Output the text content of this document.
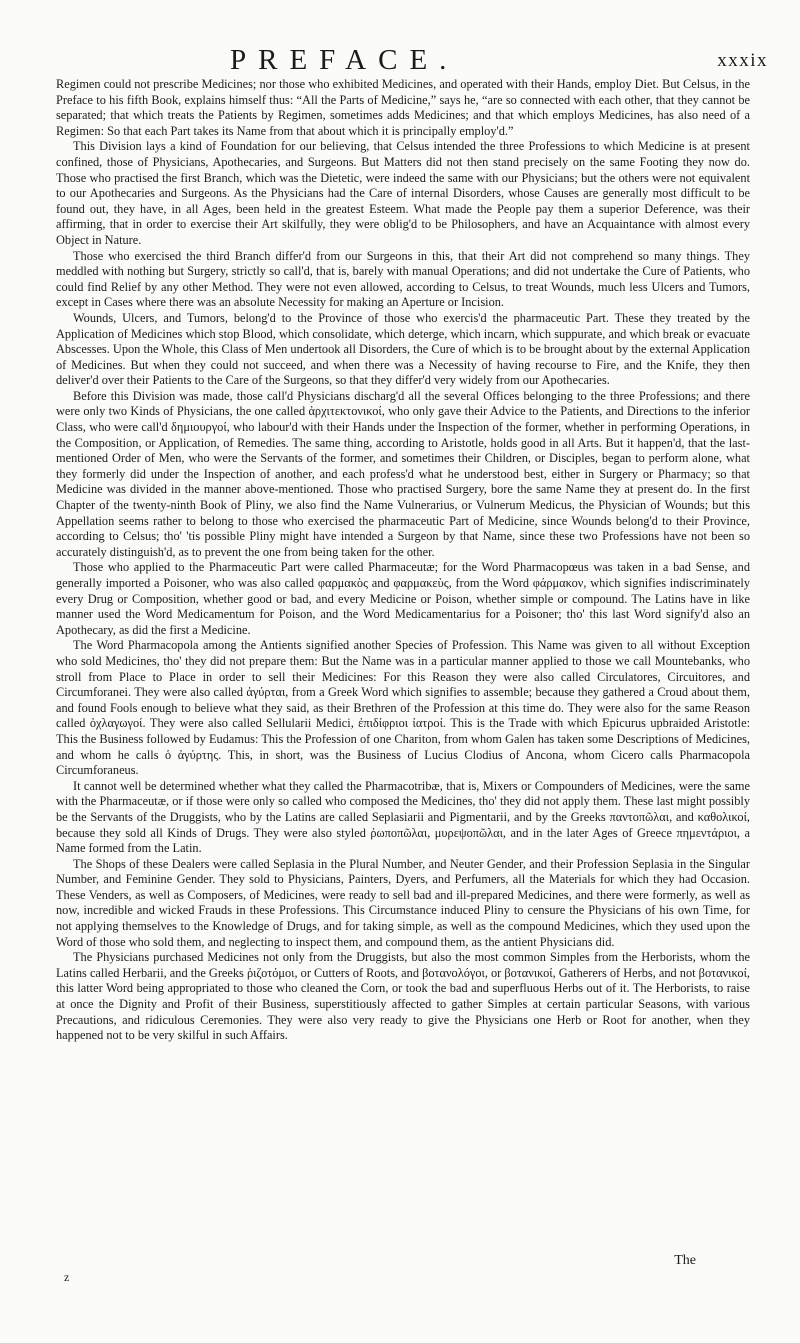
PREFACE.	xxxix

Regimen could not prescribe Medicines; nor those who exhibited Medicines, and operated with their Hands, employ Diet. But Celsus, in the Preface to his fifth Book, explains himself thus: “All the Parts of Medicine,” says he, “are so connected with each other, that they cannot be separated; that which treats the Patients by Regimen, sometimes adds Medicines; and that which employs Medicines, has also need of a Regimen: So that each Part takes its Name from that about which it is principally employ'd.”

This Division lays a kind of Foundation for our believing, that Celsus intended the three Professions to which Medicine is at present confined, those of Physicians, Apothecaries, and Surgeons. But Matters did not then stand precisely on the same Footing they now do. Those who practised the first Branch, which was the Dietetic, were indeed the same with our Physicians; but the others were not equivalent to our Apothecaries and Surgeons. As the Physicians had the Care of internal Disorders, whose Causes are generally most difficult to be found out, they have, in all Ages, been held in the greatest Esteem. What made the People pay them a superior Deference, was their affirming, that in order to exercise their Art skilfully, they were oblig'd to be Philosophers, and have an Acquaintance with almost every Object in Nature.

Those who exercised the third Branch differ'd from our Surgeons in this, that their Art did not comprehend so many things. They meddled with nothing but Surgery, strictly so call'd, that is, barely with manual Operations; and did not undertake the Cure of Patients, who could find Relief by any other Method. They were not even allowed, according to Celsus, to treat Wounds, much less Ulcers and Tumors, except in Cases where there was an absolute Necessity for making an Aperture or Incision.

Wounds, Ulcers, and Tumors, belong'd to the Province of those who exercis'd the pharmaceutic Part. These they treated by the Application of Medicines which stop Blood, which consolidate, which deterge, which incarn, which suppurate, and which break or evacuate Abscesses. Upon the Whole, this Class of Men undertook all Disorders, the Cure of which is to be brought about by the external Application of Medicines. But when they could not succeed, and when there was a Necessity of having recourse to Fire, and the Knife, they then deliver'd over their Patients to the Care of the Surgeons, so that they differ'd very widely from our Apothecaries.

Before this Division was made, those call'd Physicians discharg'd all the several Offices belonging to the three Professions; and there were only two Kinds of Physicians, the one called ἀρχιτεκτονικοί, who only gave their Advice to the Patients, and Directions to the inferior Class, who were call'd δημιουργοί, who labour'd with their Hands under the Inspection of the former, whether in performing Operations, in the Composition, or Application, of Remedies. The same thing, according to Aristotle, holds good in all Arts. But it happen'd, that the last-mentioned Order of Men, who were the Servants of the former, and sometimes their Children, or Disciples, began to perform alone, what they formerly did under the Inspection of another, and each profess'd what he understood best, either in Surgery or Pharmacy; so that Medicine was divided in the manner above-mentioned. Those who practised Surgery, bore the same Name they at present do. In the first Chapter of the twenty-ninth Book of Pliny, we also find the Name Vulnerarius, or Vulnerum Medicus, the Physician of Wounds; but this Appellation seems rather to belong to those who exercised the pharmaceutic Part of Medicine, since Wounds belong'd to their Province, according to Celsus; tho' 'tis possible Pliny might have intended a Surgeon by that Name, since these two Professions have not been so accurately distinguish'd, as to prevent the one from being taken for the other.

Those who applied to the Pharmaceutic Part were called Pharmaceutæ; for the Word Pharmacopœus was taken in a bad Sense, and generally imported a Poisoner, who was also called φαρμακὸς and φαρμακεὺς, from the Word φάρμακον, which signifies indiscriminately every Drug or Composition, whether good or bad, and every Medicine or Poison, whether simple or compound. The Latins have in like manner used the Word Medicamentum for Poison, and the Word Medicamentarius for a Poisoner; tho' this last Word signify'd also an Apothecary, as did the first a Medicine.

The Word Pharmacopola among the Antients signified another Species of Profession. This Name was given to all without Exception who sold Medicines, tho' they did not prepare them: But the Name was in a particular manner applied to those we call Mountebanks, who stroll from Place to Place in order to sell their Medicines: For this Reason they were also called Circulatores, Circuitores, and Circumforanei. They were also called ἀγύρται, from a Greek Word which signifies to assemble; because they gathered a Croud about them, and found Fools enough to believe what they said, as their Brethren of the Profession at this time do. They were also for the same Reason called ὀχλαγωγοί. They were also called Sellularii Medici, ἐπιδίφριοι ἰατροί. This is the Trade with which Epicurus upbraided Aristotle: This the Business followed by Eudamus: This the Profession of one Chariton, from whom Galen has taken some Descriptions of Medicines, and whom he calls ὁ ἀγύρτης. This, in short, was the Business of Lucius Clodius of Ancona, whom Cicero calls Pharmacopola Circumforaneus.

It cannot well be determined whether what they called the Pharmacotribæ, that is, Mixers or Compounders of Medicines, were the same with the Pharmaceutæ, or if those were only so called who composed the Medicines, tho' they did not apply them. These last might possibly be the Servants of the Druggists, who by the Latins are called Seplasiarii and Pigmentarii, and by the Greeks παντοπῶλαι, and καθολικοί, because they sold all Kinds of Drugs. They were also styled ῥωποπῶλαι, μυρεψοπῶλαι, and in the later Ages of Greece πημεντάριοι, a Name formed from the Latin.

The Shops of these Dealers were called Seplasia in the Plural Number, and Neuter Gender, and their Profession Seplasia in the Singular Number, and Feminine Gender. They sold to Physicians, Painters, Dyers, and Perfumers, all the Materials for which they had Occasion. These Venders, as well as Composers, of Medicines, were ready to sell bad and ill-prepared Medicines, and there were formerly, as well as now, incredible and wicked Frauds in these Professions. This Circumstance induced Pliny to censure the Physicians of his own Time, for not applying themselves to the Knowledge of Drugs, and for taking simple, as well as the compound Medicines, which they used upon the Word of those who sold them, and neglecting to inspect them, and compound them, as the antient Physicians did.

The Physicians purchased Medicines not only from the Druggists, but also the most common Simples from the Herborists, whom the Latins called Herbarii, and the Greeks ῥιζοτόμοι, or Cutters of Roots, and βοτανολόγοι, or βοτανικοί, Gatherers of Herbs, and not βοτανικοί, this latter Word being appropriated to those who cleaned the Corn, or took the bad and superfluous Herbs out of it. The Herborists, to raise at once the Dignity and Profit of their Business, superstitiously affected to gather Simples at certain particular Seasons, with various Precautions, and ridiculous Ceremonies. They were also very ready to give the Physicians one Herb or Root for another, when they happened not to be very skilful in such Affairs.

The
z
